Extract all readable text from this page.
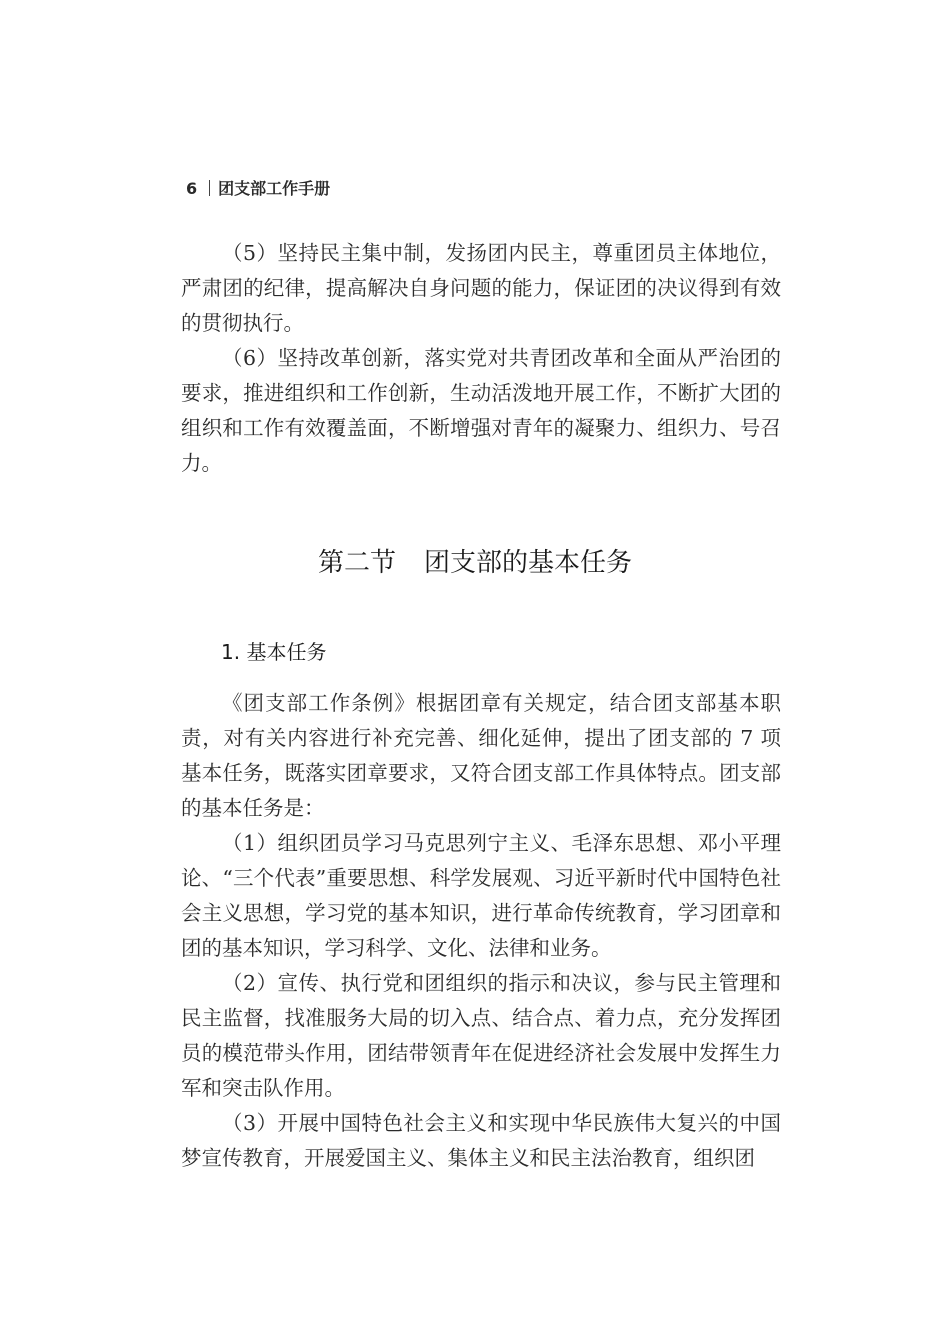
6 团支部工作手册

（5）坚持民主集中制，发扬团内民主，尊重团员主体地位，严肃团的纪律，提高解决自身问题的能力，保证团的决议得到有效的贯彻执行。

（6）坚持改革创新，落实党对共青团改革和全面从严治团的要求，推进组织和工作创新，生动活泼地开展工作，不断扩大团的组织和工作有效覆盖面，不断增强对青年的凝聚力、组织力、号召力。

第二节 团支部的基本任务
1. 基本任务

《团支部工作条例》根据团章有关规定，结合团支部基本职责，对有关内容进行补充完善、细化延伸，提出了团支部的 7 项基本任务，既落实团章要求，又符合团支部工作具体特点。团支部的基本任务是：

（1）组织团员学习马克思列宁主义、毛泽东思想、邓小平理论、“三个代表”重要思想、科学发展观、习近平新时代中国特色社会主义思想，学习党的基本知识，进行革命传统教育，学习团章和团的基本知识，学习科学、文化、法律和业务。

（2）宣传、执行党和团组织的指示和决议，参与民主管理和民主监督，找准服务大局的切入点、结合点、着力点，充分发挥团员的模范带头作用，团结带领青年在促进经济社会发展中发挥生力军和突击队作用。

（3）开展中国特色社会主义和实现中华民族伟大复兴的中国梦宣传教育，开展爱国主义、集体主义和民主法治教育，组织团
